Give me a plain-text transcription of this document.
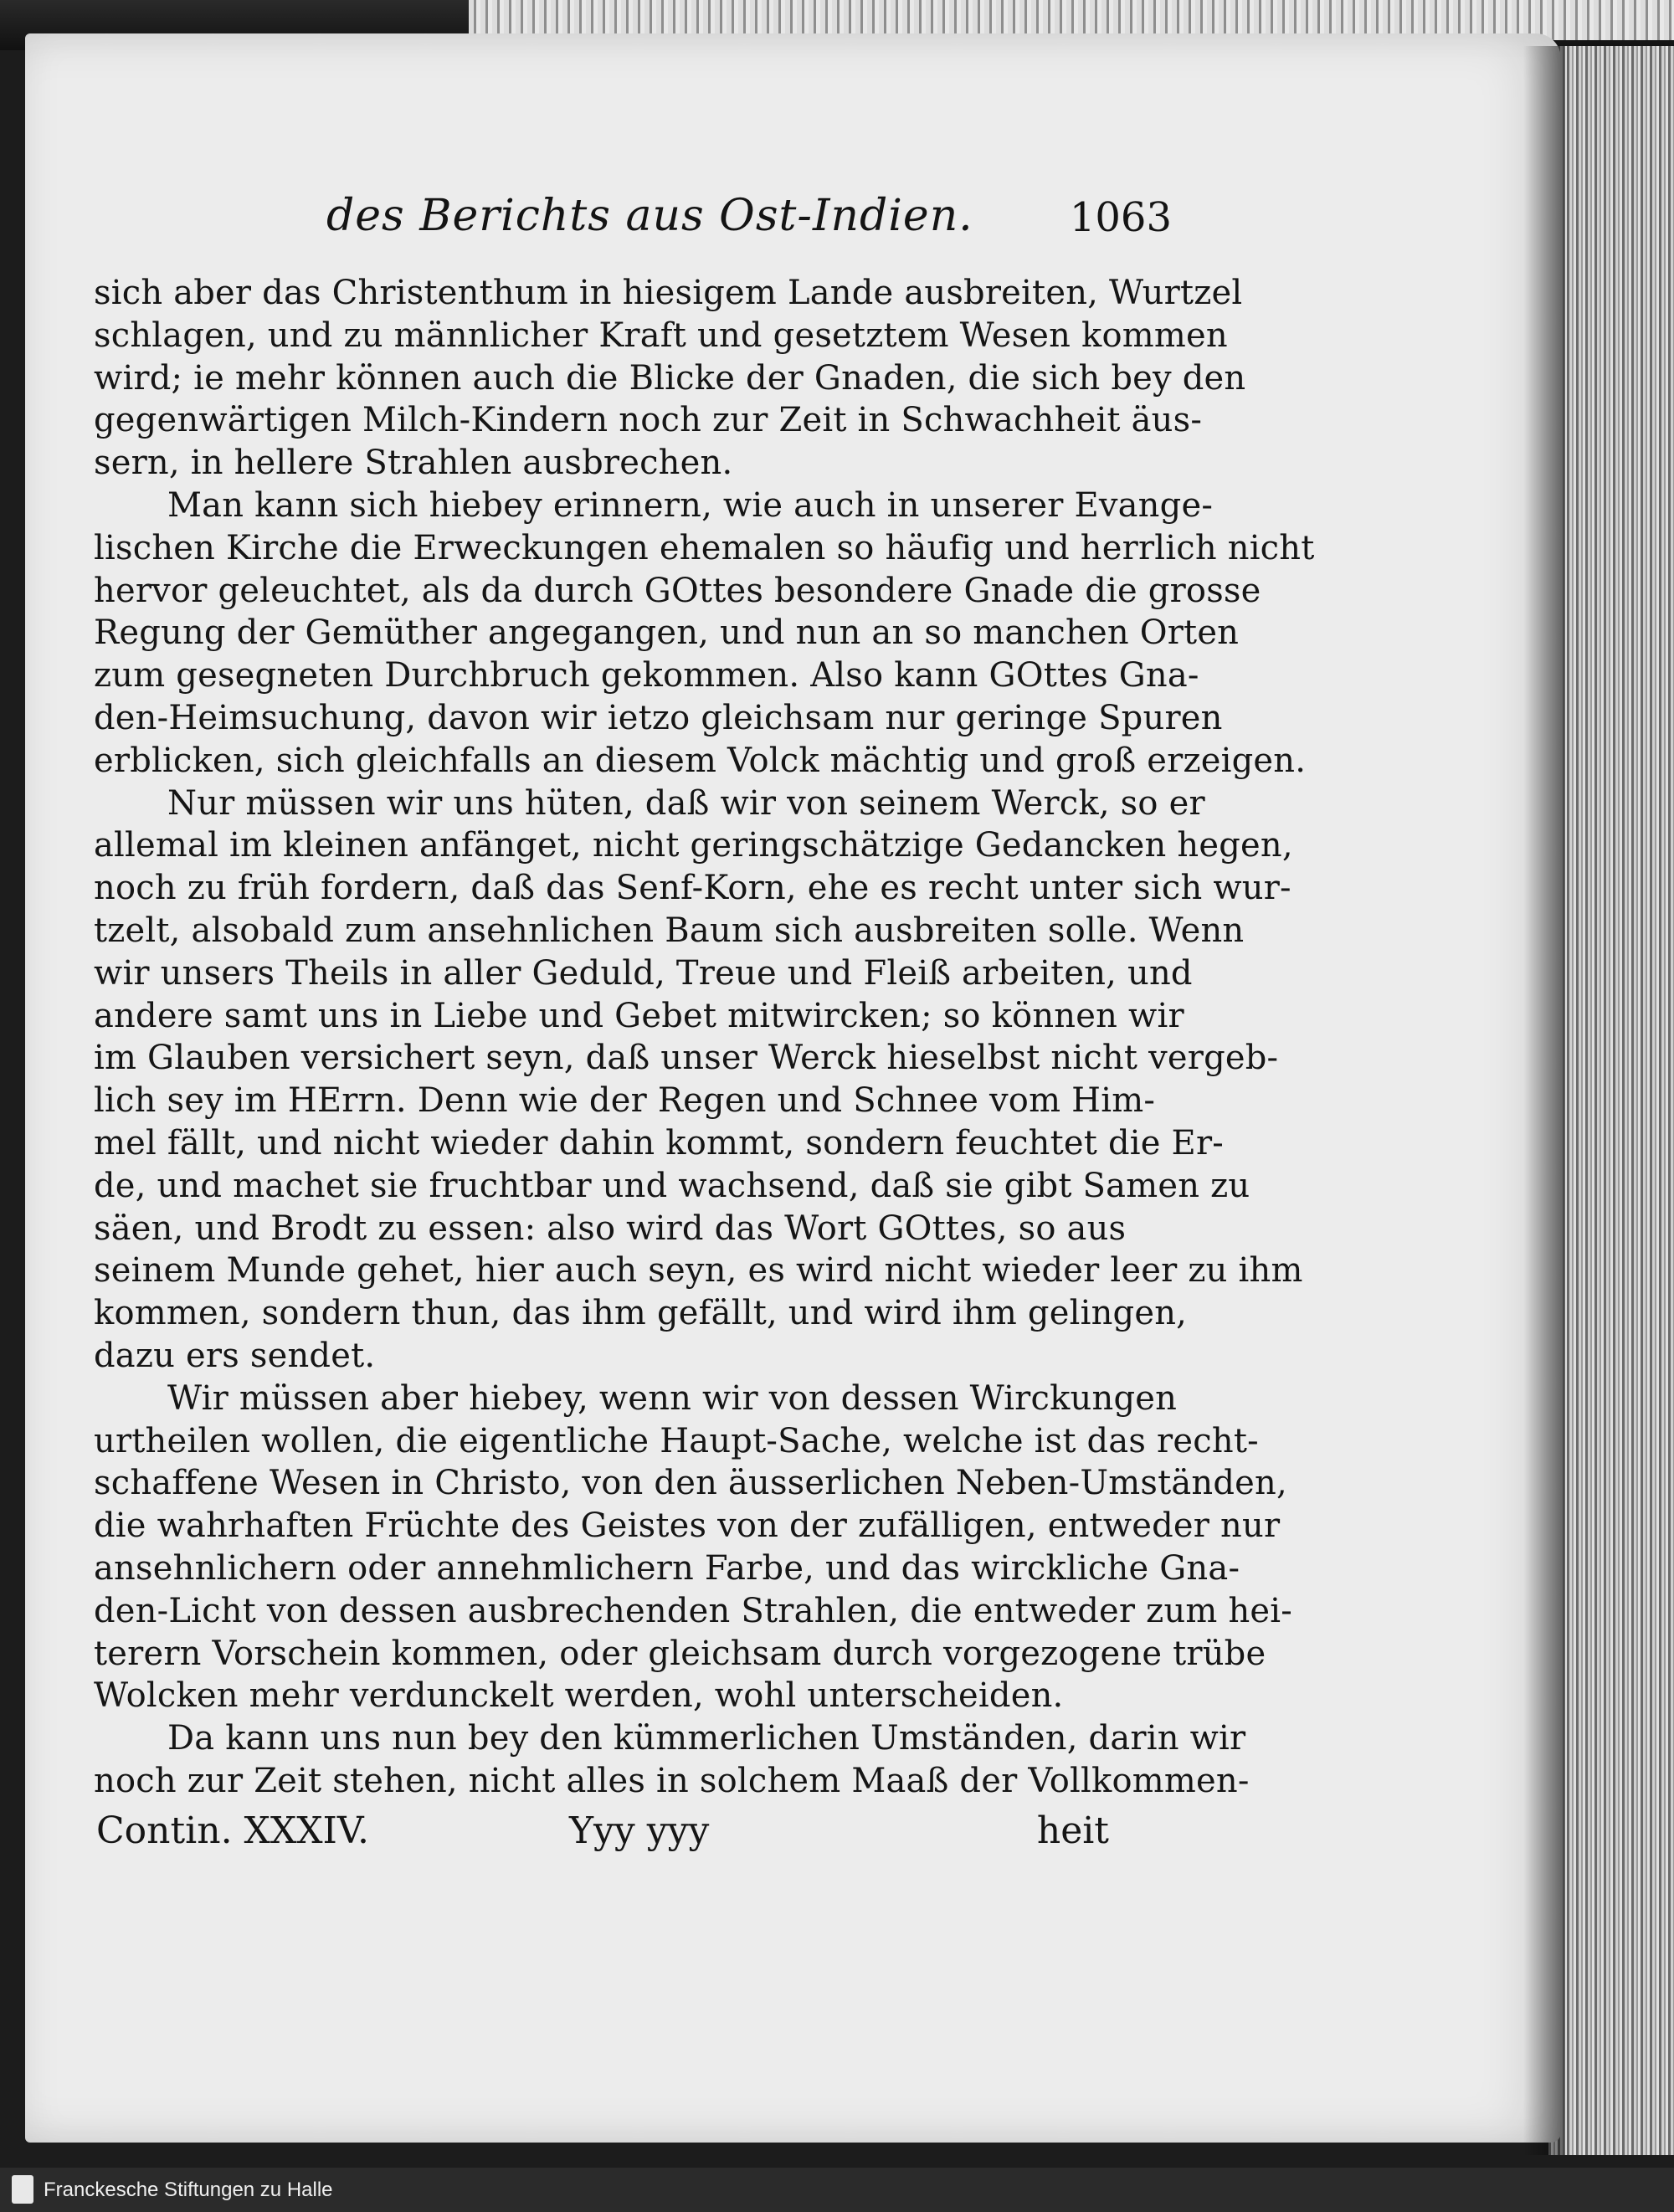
des Berichts aus Ost-Indien.	1063
sich aber das Christenthum in hiesigem Lande ausbreiten, Wurtzel
schlagen, und zu männlicher Kraft und gesetztem Wesen kommen
wird; ie mehr können auch die Blicke der Gnaden, die sich bey den
gegenwärtigen Milch-Kindern noch zur Zeit in Schwachheit äus-
sern, in hellere Strahlen ausbrechen.
Man kann sich hiebey erinnern, wie auch in unserer Evange-
lischen Kirche die Erweckungen ehemalen so häufig und herrlich nicht
hervor geleuchtet, als da durch GOttes besondere Gnade die grosse
Regung der Gemüther angegangen, und nun an so manchen Orten
zum gesegneten Durchbruch gekommen. Also kann GOttes Gna-
den-Heimsuchung, davon wir ietzo gleichsam nur geringe Spuren
erblicken, sich gleichfalls an diesem Volck mächtig und groß erzeigen.
Nur müssen wir uns hüten, daß wir von seinem Werck, so er
allemal im kleinen anfänget, nicht geringschätzige Gedancken hegen,
noch zu früh fordern, daß das Senf-Korn, ehe es recht unter sich wur-
tzelt, alsobald zum ansehnlichen Baum sich ausbreiten solle. Wenn
wir unsers Theils in aller Geduld, Treue und Fleiß arbeiten, und
andere samt uns in Liebe und Gebet mitwircken; so können wir
im Glauben versichert seyn, daß unser Werck hieselbst nicht vergeb-
lich sey im HErrn. Denn wie der Regen und Schnee vom Him-
mel fällt, und nicht wieder dahin kommt, sondern feuchtet die Er-
de, und machet sie fruchtbar und wachsend, daß sie gibt Samen zu
säen, und Brodt zu essen: also wird das Wort GOttes, so aus
seinem Munde gehet, hier auch seyn, es wird nicht wieder leer zu ihm
kommen, sondern thun, das ihm gefällt, und wird ihm gelingen,
dazu ers sendet.
Wir müssen aber hiebey, wenn wir von dessen Wirckungen
urtheilen wollen, die eigentliche Haupt-Sache, welche ist das recht-
schaffene Wesen in Christo, von den äusserlichen Neben-Umständen,
die wahrhaften Früchte des Geistes von der zufälligen, entweder nur
ansehnlichern oder annehmlichern Farbe, und das wirckliche Gna-
den-Licht von dessen ausbrechenden Strahlen, die entweder zum hei-
terern Vorschein kommen, oder gleichsam durch vorgezogene trübe
Wolcken mehr verdunckelt werden, wohl unterscheiden.
Da kann uns nun bey den kümmerlichen Umständen, darin wir
noch zur Zeit stehen, nicht alles in solchem Maaß der Vollkommen-
Contin. XXXIV.	Yyy yyy	heit
Franckesche Stiftungen zu Halle
